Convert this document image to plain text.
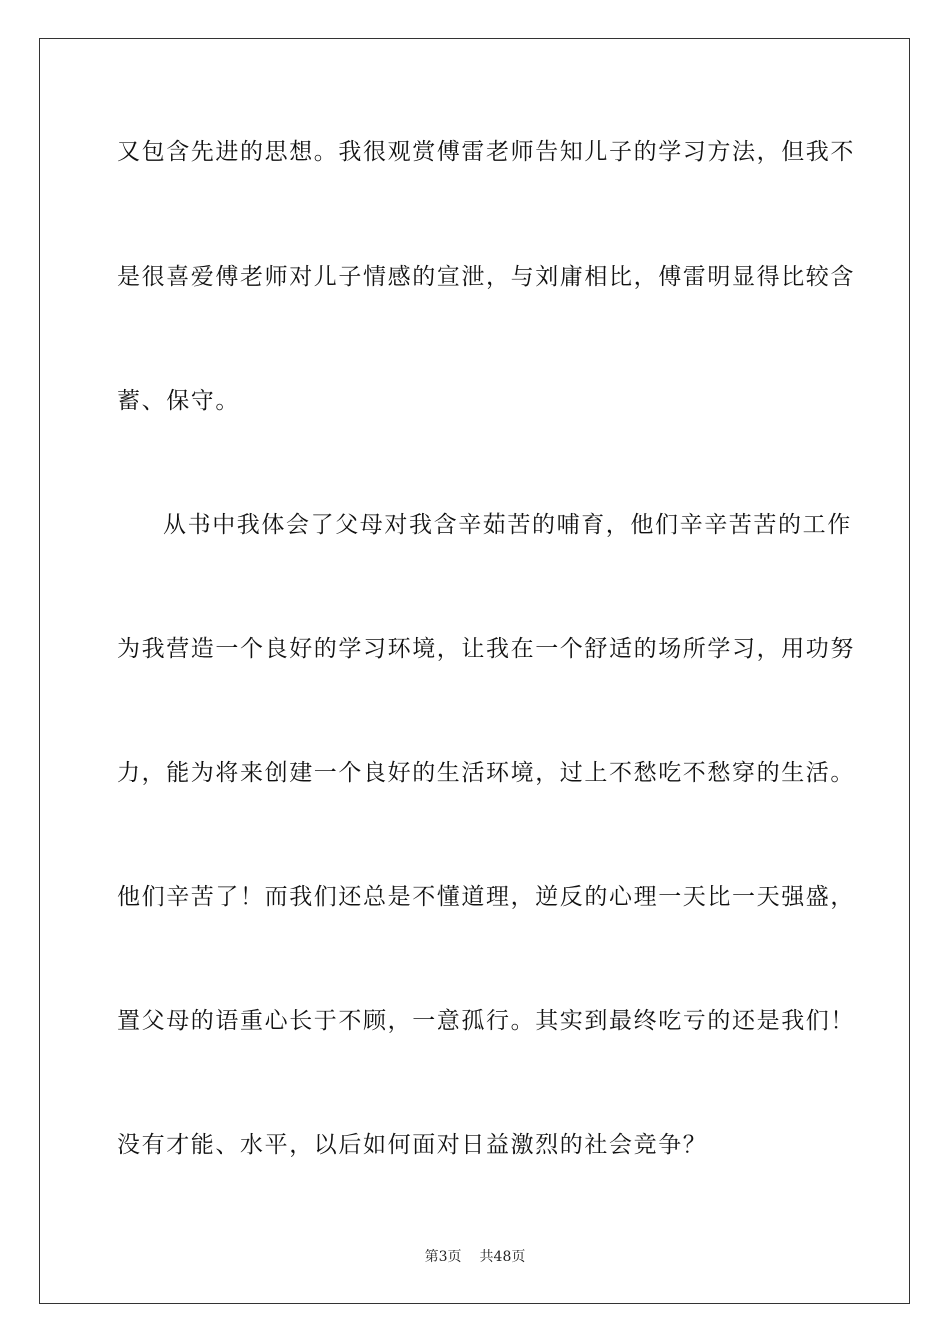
又包含先进的思想。我很观赏傅雷老师告知儿子的学习方法，但我不
是很喜爱傅老师对儿子情感的宣泄，与刘庸相比，傅雷明显得比较含
蓄、保守。
从书中我体会了父母对我含辛茹苦的哺育，他们辛辛苦苦的工作
为我营造一个良好的学习环境，让我在一个舒适的场所学习，用功努
力，能为将来创建一个良好的生活环境，过上不愁吃不愁穿的生活。
他们辛苦了！而我们还总是不懂道理，逆反的心理一天比一天强盛，
置父母的语重心长于不顾，一意孤行。其实到最终吃亏的还是我们！
没有才能、水平，以后如何面对日益激烈的社会竞争？
第3页 共48页
